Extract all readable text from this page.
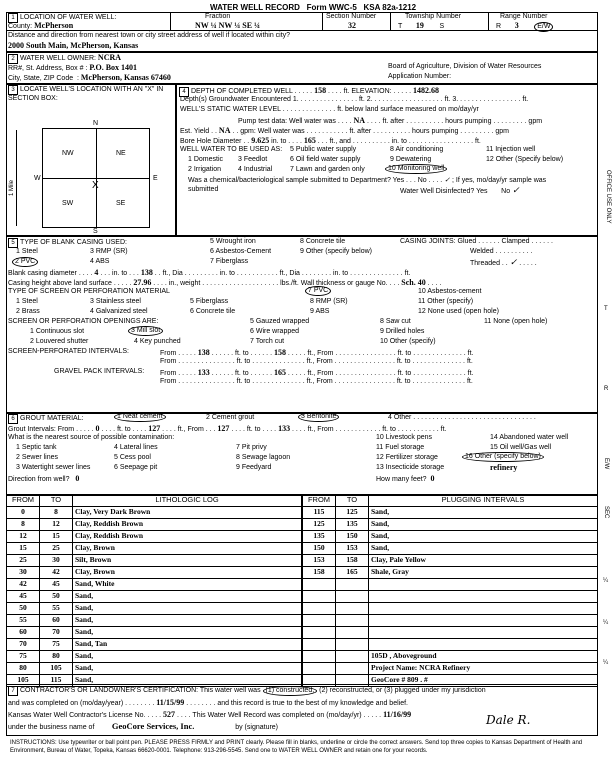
WATER WELL RECORD Form WWC-5 KSA 82a-1212
1 LOCATION OF WATER WELL:
County: McPherson
Fraction
NW ¼ NW ¼ SE ¼
Section Number
32
Township Number
T 19 S
Range Number
R 3	E/W
Distance and direction from nearest town or city street address of well if located within city?
2000 South Main, McPherson, Kansas
2 WATER WELL OWNER: NCRA
RR#, St. Address, Box # : P.O. Box 1401
City, State, ZIP Code  : McPherson, Kansas 67460
Board of Agriculture, Division of Water Resources
Application Number:
3 LOCATE WELL'S LOCATION WITH AN "X" IN SECTION BOX:
N
S
E
W
NW	NE
SW	SE
X
1 Mile
4 DEPTH OF COMPLETED WELL . . . . . 158 . . . . ft. ELEVATION: . . . . . 1482.68
Depth(s) Groundwater Encountered 1. . . . . . . . . . . . . . . . ft. 2. . . . . . . . . . . . . . . . . . . ft. 3. . . . . . . . . . . . . . . . . ft.
WELL'S STATIC WATER LEVEL . . . . . . . . . . . . . . ft. below land surface measured on mo/day/yr
Pump test data: Well water was . . . . NA . . . . ft. after . . . . . . . . . . hours pumping . . . . . . . . . gpm
Est. Yield . . NA . . gpm: Well water was . . . . . . . . . . . ft. after . . . . . . . . . . hours pumping . . . . . . . . . gpm
Bore Hole Diameter . . 9.625 in. to . . . . 165 . . . ft., and . . . . . . . . . . in. to . . . . . . . . . . . . . . . . . ft.
WELL WATER TO BE USED AS: 5 Public water supply	8 Air conditioning	11 Injection well
1 Domestic 3 Feedlot	6 Oil field water supply	9 Dewatering	12 Other (Specify below)
2 Irrigation 4 Industrial	7 Lawn and garden only	10 Monitoring well
Was a chemical/bacteriological sample submitted to Department? Yes . . . No . . . . ✓ ; If yes, mo/day/yr sample was
submitted	Water Well Disinfected? Yes No ✓
5 TYPE OF BLANK CASING USED:	5 Wrought iron	8 Concrete tile	CASING JOINTS: Glued . . . . . . Clamped . . . . . .
1 Steel	3 RMP (SR)	6 Asbestos-Cement	9 Other (specify below)	Welded . . . . . . . . . .
2 PVC	4 ABS	7 Fiberglass	Threaded . . ✓ . . . . .
Blank casing diameter . . . . 4 . . . in. to . . . 138 . . ft., Dia . . . . . . . . . in. to . . . . . . . . . . . ft., Dia . . . . . . . . in. to . . . . . . . . . . . . . . ft.
Casing height above land surface . . . . . 27.96 . . . . in., weight . . . . . . . . . . . . . . . . . . . . lbs./ft. Wall thickness or gauge No. . . . Sch. 40 . . . .
TYPE OF SCREEN OR PERFORATION MATERIAL	7 PVC	10 Asbestos-cement
1 Steel	3 Stainless steel	5 Fiberglass	8 RMP (SR)	11 Other (specify)
2 Brass	4 Galvanized steel	6 Concrete tile	9 ABS	12 None used (open hole)
SCREEN OR PERFORATION OPENINGS ARE:	5 Gauzed wrapped	8 Saw cut	11 None (open hole)
1 Continuous slot	3 Mill slot	6 Wire wrapped	9 Drilled holes
2 Louvered shutter	4 Key punched	7 Torch cut	10 Other (specify)
SCREEN-PERFORATED INTERVALS:	From . . . . . 138 . . . . . . ft. to . . . . . . 158 . . . . . ft., From . . . . . . . . . . . . . . . . ft. to . . . . . . . . . . . . . . ft.
From . . . . . . . . . . . . . . . ft. to . . . . . . . . . . . . . . ft., From . . . . . . . . . . . . . . . . ft. to . . . . . . . . . . . . . . ft.
GRAVEL PACK INTERVALS: From . . . . . 133 . . . . . . ft. to . . . . . . 165 . . . . . ft., From . . . . . . . . . . . . . . . . ft. to . . . . . . . . . . . . . . ft.
From . . . . . . . . . . . . . . . ft. to . . . . . . . . . . . . . . ft., From . . . . . . . . . . . . . . . . ft. to . . . . . . . . . . . . . . ft.
6 GROUT MATERIAL:	1 Neat cement	2 Cement grout	3 Bentonite	4 Other . . . . . . . . . . . . . . . . . . . . . . . . . . . . . . . .
Grout Intervals: From . . . . . 0 . . . . ft. to . . . . 127 . . . . ft., From . . . 127 . . . . ft. to . . . . 133 . . . . ft., From . . . . . . . . . . . . ft. to . . . . . . . . . . . ft.
What is the nearest source of possible contamination:	10 Livestock pens	14 Abandoned water well
1 Septic tank	4 Lateral lines	7 Pit privy	11 Fuel storage	15 Oil well/Gas well
2 Sewer lines	5 Cess pool	8 Sewage lagoon	12 Fertilizer storage	16 Other (specify below)
3 Watertight sewer lines	6 Seepage pit	9 Feedyard	13 Insecticide storage	refinery
Direction from well? 0	How many feet? 0
FROM	TO	LITHOLOGIC LOG
0	8	Clay, Very Dark Brown
8	12	Clay, Reddish Brown
12	15	Clay, Reddish Brown
15	25	Clay, Brown
25	30	Silt, Brown
30	42	Clay, Brown
42	45	Sand, White
45	50	Sand,
50	55	Sand,
55	60	Sand,
60	70	Sand,
70	75	Sand, Tan
75	80	Sand,
80	105	Sand,
105	115	Sand,
FROM	TO	PLUGGING INTERVALS
115	125	Sand,
125	135	Sand,
135	150	Sand,
150	153	Sand,
153	158	Clay, Pale Yellow
158	165	Shale, Gray

		105D , Aboveground
		Project Name: NCRA Refinery
		GeoCore # 809 . #
7 CONTRACTOR'S OR LANDOWNER'S CERTIFICATION: This water well was (1) constructed, (2) reconstructed, or (3) plugged under my jurisdiction
and was completed on (mo/day/year) . . . . . . . . 11/15/99 . . . . . . . . and this record is true to the best of my knowledge and belief.
Kansas Water Well Contractor's License No. . . . . 527 . . . . This Water Well Record was completed on (mo/day/yr) . . . . . 11/16/99
under the business name of GeoCore Services, Inc.	by (signature)
Dale R.
INSTRUCTIONS: Use typewriter or ball point pen. PLEASE PRESS FIRMLY and PRINT clearly. Please fill in blanks, underline or circle the correct answers. Send top three copies to Kansas Department of Health and Environment, Bureau of Water, Topeka, Kansas 66620-0001. Telephone: 913-296-5545. Send one to WATER WELL OWNER and retain one for your records.
OFFICE USE ONLY
T
R
E/W
SEC
¼
¼
¼
